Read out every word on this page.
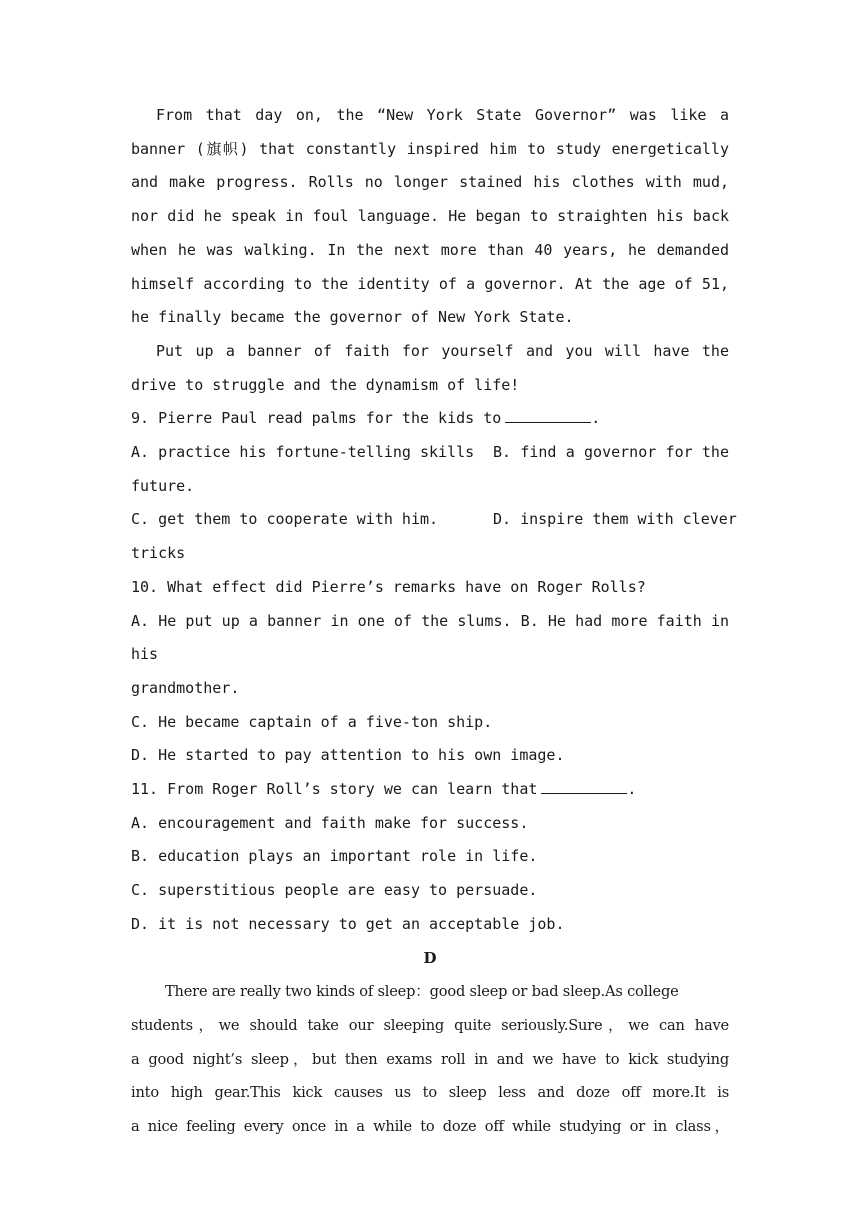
From that day on, the “New York State Governor” was like a banner (旗帜) that constantly inspired him to study energetically and make progress. Rolls no longer stained his clothes with mud, nor did he speak in foul language. He began to straighten his back when he was walking. In the next more than 40 years, he demanded himself according to the identity of a governor. At the age of 51, he finally became the governor of New York State.

Put up a banner of faith for yourself and you will have the drive to struggle and the dynamism of life!

9. Pierre Paul read palms for the kids to	.

A. practice his fortune-telling skills B. find a governor for the

future.

C. get them to cooperate with him.	D. inspire them with clever

tricks

10. What effect did Pierre’s remarks have on Roger Rolls?

A. He put up a banner in one of the slums. B. He had more faith in his

grandmother.

C. He became captain of a five-ton ship.

D. He started to pay attention to his own image.

11. From Roger Roll’s story we can learn that	.

A. encouragement and faith make for success.

B. education plays an important role in life.

C. superstitious people are easy to persuade.

D. it is not necessary to get an acceptable job.

D

There are really two kinds of sleep：good sleep or bad sleep.As college

students，we should take our sleeping quite seriously.Sure，we can have

a good night’s sleep，but then exams roll in and we have to kick studying

into high gear.This kick causes us to sleep less and doze off more.It is

a nice feeling every once in a while to doze off while studying or in class，
